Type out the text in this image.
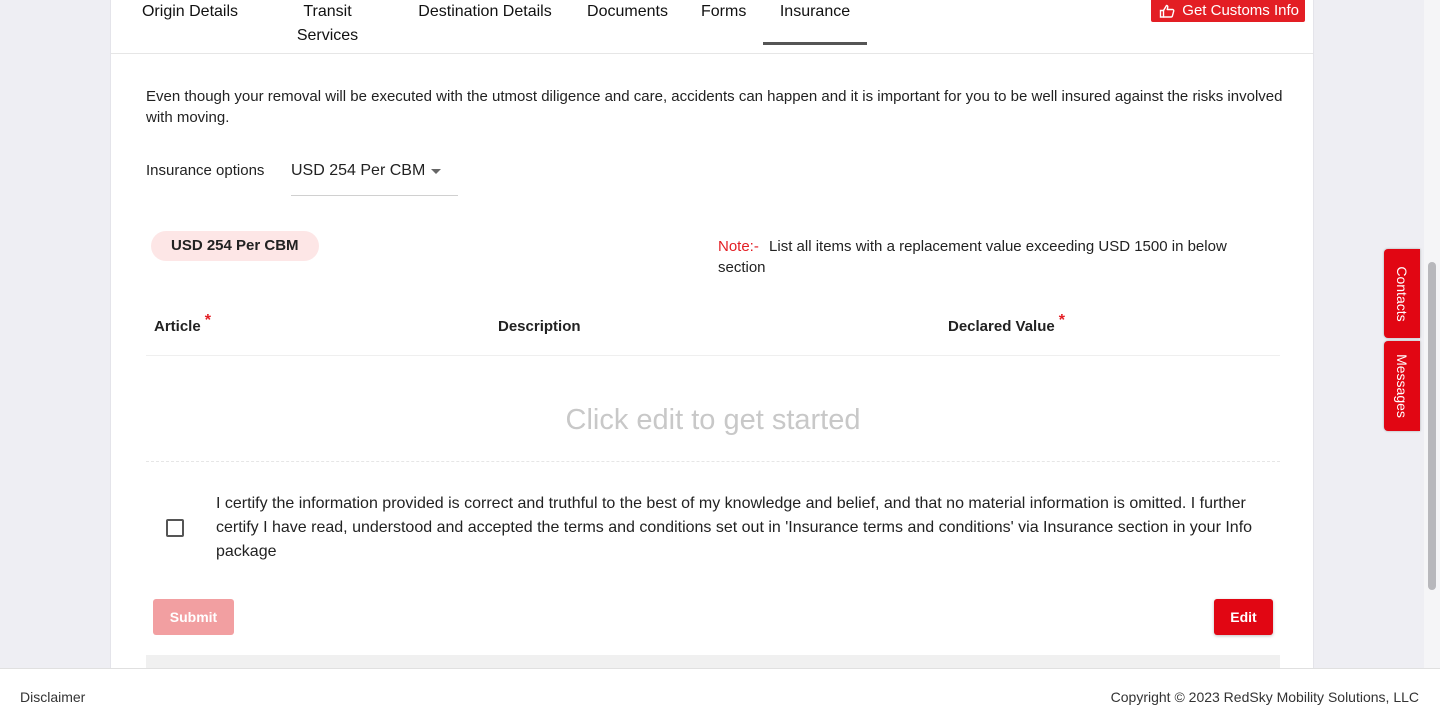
Origin Details	Transit Services
Destination Details Documents Forms	Insurance	Get Customs Info

Even though your removal will be executed with the utmost diligence and care, accidents can happen and it is important for you to be well insured against the risks involved with moving.

Insurance options USD 254 Per CBM
USD 254 Per CBM	Note:- List all items with a replacement value exceeding USD 1500 in below section
Article *	Description	Declared Value *
Click edit to get started

I certify the information provided is correct and truthful to the best of my knowledge and belief, and that no material information is omitted. I further certify I have read, understood and accepted the terms and conditions set out in 'Insurance terms and conditions' via Insurance section in your Info package

Submit	Edit
Contacts
Messages
Disclaimer	Copyright © 2023 RedSky Mobility Solutions, LLC
